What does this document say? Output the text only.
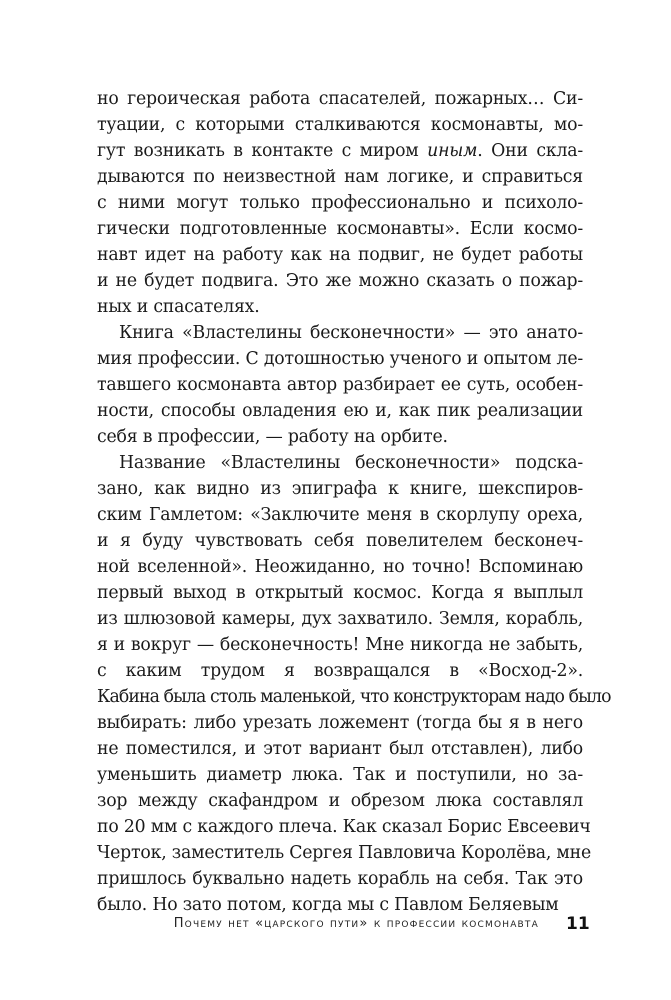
но героическая работа спасателей, пожарных… Си-
туации, с которыми сталкиваются космонавты, мо-
гут возникать в контакте с миром иным. Они скла-
дываются по неизвестной нам логике, и справиться
с ними могут только профессионально и психоло-
гически подготовленные космонавты». Если космо-
навт идет на работу как на подвиг, не будет работы
и не будет подвига. Это же можно сказать о пожар-
ных и спасателях.
Книга «Властелины бесконечности» — это анато-
мия профессии. С дотошностью ученого и опытом ле-
тавшего космонавта автор разбирает ее суть, особен-
ности, способы овладения ею и, как пик реализации
себя в профессии, — работу на орбите.
Название «Властелины бесконечности» подска-
зано, как видно из эпиграфа к книге, шекспиров-
ским Гамлетом: «Заключите меня в скорлупу ореха,
и я буду чувствовать себя повелителем бесконеч-
ной вселенной». Неожиданно, но точно! Вспоминаю
первый выход в открытый космос. Когда я выплыл
из шлюзовой камеры, дух захватило. Земля, корабль,
я и вокруг — бесконечность! Мне никогда не забыть,
с каким трудом я возвращался в «Восход-2».
Кабина была столь маленькой, что конструкторам надо было
выбирать: либо урезать ложемент (тогда бы я в него
не поместился, и этот вариант был отставлен), либо
уменьшить диаметр люка. Так и поступили, но за-
зор между скафандром и обрезом люка составлял
по 20 мм с каждого плеча. Как сказал Борис Евсеевич
Черток, заместитель Сергея Павловича Королёва, мне
пришлось буквально надеть корабль на себя. Так это
было. Но зато потом, когда мы с Павлом Беляевым
Почему нет «царского пути» к профессии космонавта 11
